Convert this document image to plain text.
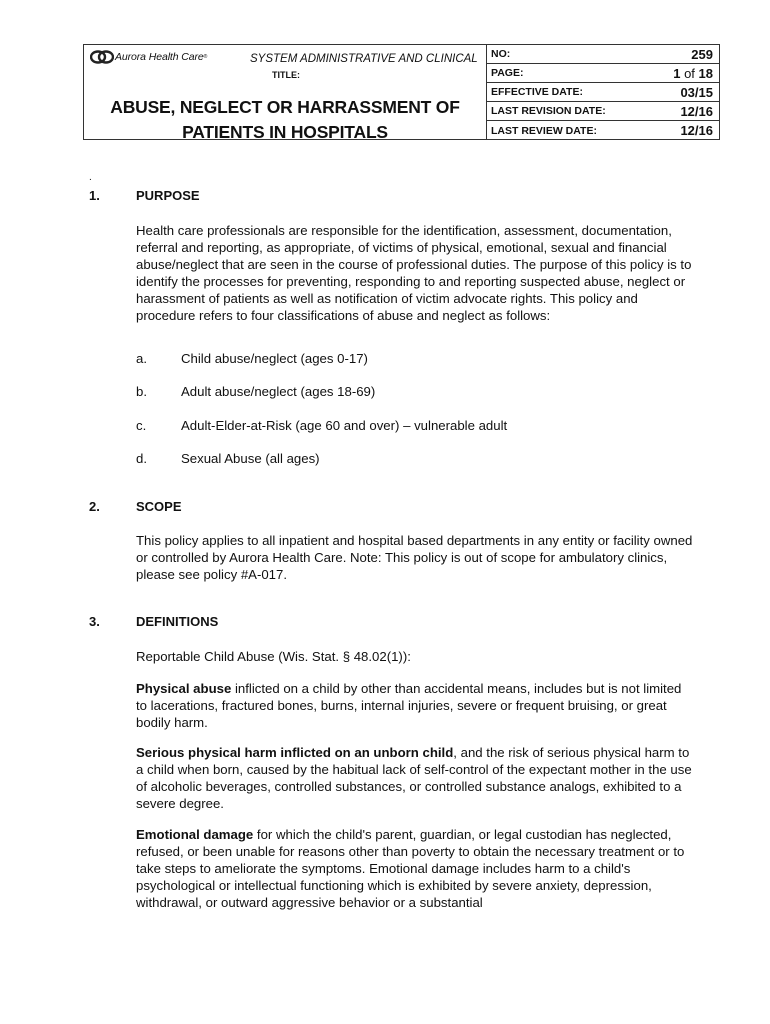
Aurora Health Care ®	SYSTEM ADMINISTRATIVE AND CLINICAL
TITLE:
ABUSE, NEGLECT OR HARRASSMENT OF
PATIENTS IN HOSPITALS
NO:	259
PAGE:	1 of 18
EFFECTIVE DATE:	03/15
LAST REVISION DATE:	12/16
LAST REVIEW DATE:	12/16
.
1.	PURPOSE

Health care professionals are responsible for the identification, assessment, documentation, referral and reporting, as appropriate, of victims of physical, emotional, sexual and financial abuse/neglect that are seen in the course of professional duties. The purpose of this policy is to identify the processes for preventing, responding to and reporting suspected abuse, neglect or harassment of patients as well as notification of victim advocate rights. This policy and procedure refers to four classifications of abuse and neglect as follows:

a.	Child abuse/neglect (ages 0-17)
b.	Adult abuse/neglect (ages 18-69)
c.	Adult-Elder-at-Risk (age 60 and over) – vulnerable adult
d.	Sexual Abuse (all ages)
2.	SCOPE

This policy applies to all inpatient and hospital based departments in any entity or facility owned or controlled by Aurora Health Care. Note: This policy is out of scope for ambulatory clinics, please see policy #A-017.

3.	DEFINITIONS

Reportable Child Abuse (Wis. Stat. § 48.02(1)):

Physical abuse inflicted on a child by other than accidental means, includes but is not limited to lacerations, fractured bones, burns, internal injuries, severe or frequent bruising, or great bodily harm.

Serious physical harm inflicted on an unborn child, and the risk of serious physical harm to a child when born, caused by the habitual lack of self-control of the expectant mother in the use of alcoholic beverages, controlled substances, or controlled substance analogs, exhibited to a severe degree.

Emotional damage for which the child's parent, guardian, or legal custodian has neglected, refused, or been unable for reasons other than poverty to obtain the necessary treatment or to take steps to ameliorate the symptoms. Emotional damage includes harm to a child's psychological or intellectual functioning which is exhibited by severe anxiety, depression, withdrawal, or outward aggressive behavior or a substantial
